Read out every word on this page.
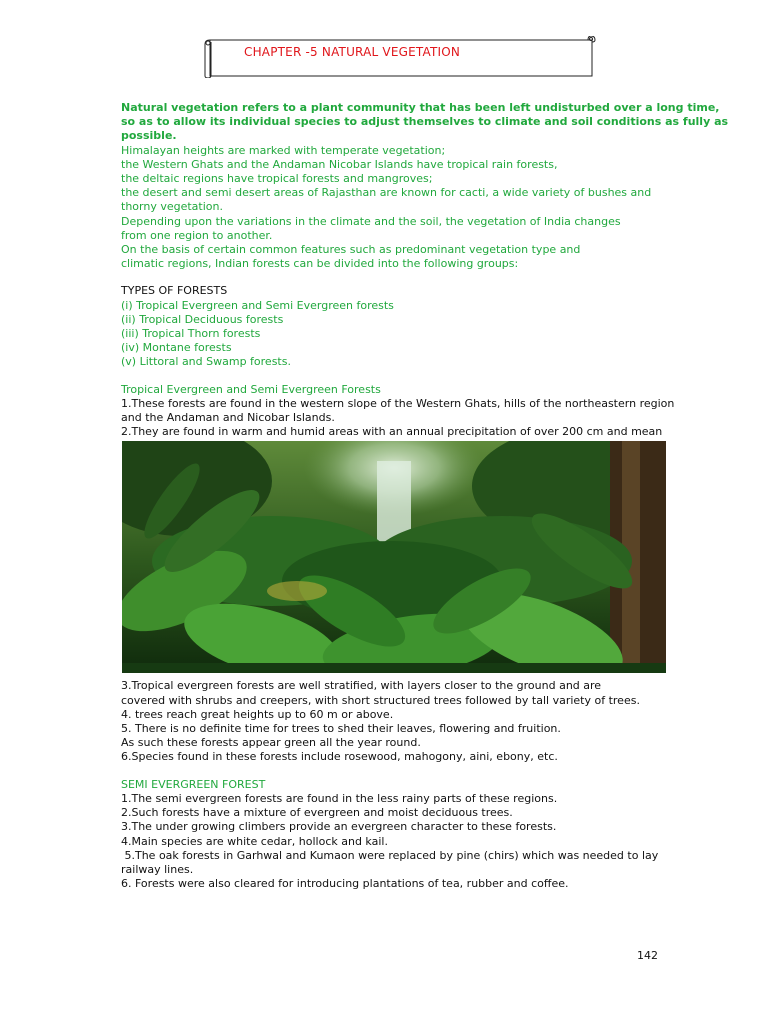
CHAPTER -5 NATURAL VEGETATION
Natural vegetation refers to a plant community that has been left undisturbed over a long time,
so as to allow its individual species to adjust themselves to climate and soil conditions as fully as
possible.
Himalayan heights are marked with temperate vegetation;
the Western Ghats and the Andaman Nicobar Islands have tropical rain forests,
the deltaic regions have tropical forests and mangroves;
the desert and semi desert areas of Rajasthan are known for cacti, a wide variety of bushes and
thorny vegetation.
Depending upon the variations in the climate and the soil, the vegetation of India changes
from one region to another.
On the basis of certain common features such as predominant vegetation type and
climatic regions, Indian forests can be divided into the following groups:
TYPES OF FORESTS
(i) Tropical Evergreen and Semi Evergreen forests
(ii) Tropical Deciduous forests
(iii) Tropical Thorn forests
(iv) Montane forests
(v) Littoral and Swamp forests.
Tropical Evergreen and Semi Evergreen Forests
1.These forests are found in the western slope of the Western Ghats, hills of the northeastern region
and the Andaman and Nicobar Islands.
2.They are found in warm and humid areas with an annual precipitation of over 200 cm and mean
3.Tropical evergreen forests are well stratified, with layers closer to the ground and are
covered with shrubs and creepers, with short structured trees followed by tall variety of trees.
4. trees reach great heights up to 60 m or above.
5. There is no definite time for trees to shed their leaves, flowering and fruition.
As such these forests appear green all the year round.
6.Species found in these forests include rosewood, mahogony, aini, ebony, etc.
SEMI EVERGREEN FOREST
1.The semi evergreen forests are found in the less rainy parts of these regions.
2.Such forests have a mixture of evergreen and moist deciduous trees.
3.The under growing climbers provide an evergreen character to these forests.
4.Main species are white cedar, hollock and kail.
5.The oak forests in Garhwal and Kumaon were replaced by pine (chirs) which was needed to lay
railway lines.
6. Forests were also cleared for introducing plantations of tea, rubber and coffee.
142
